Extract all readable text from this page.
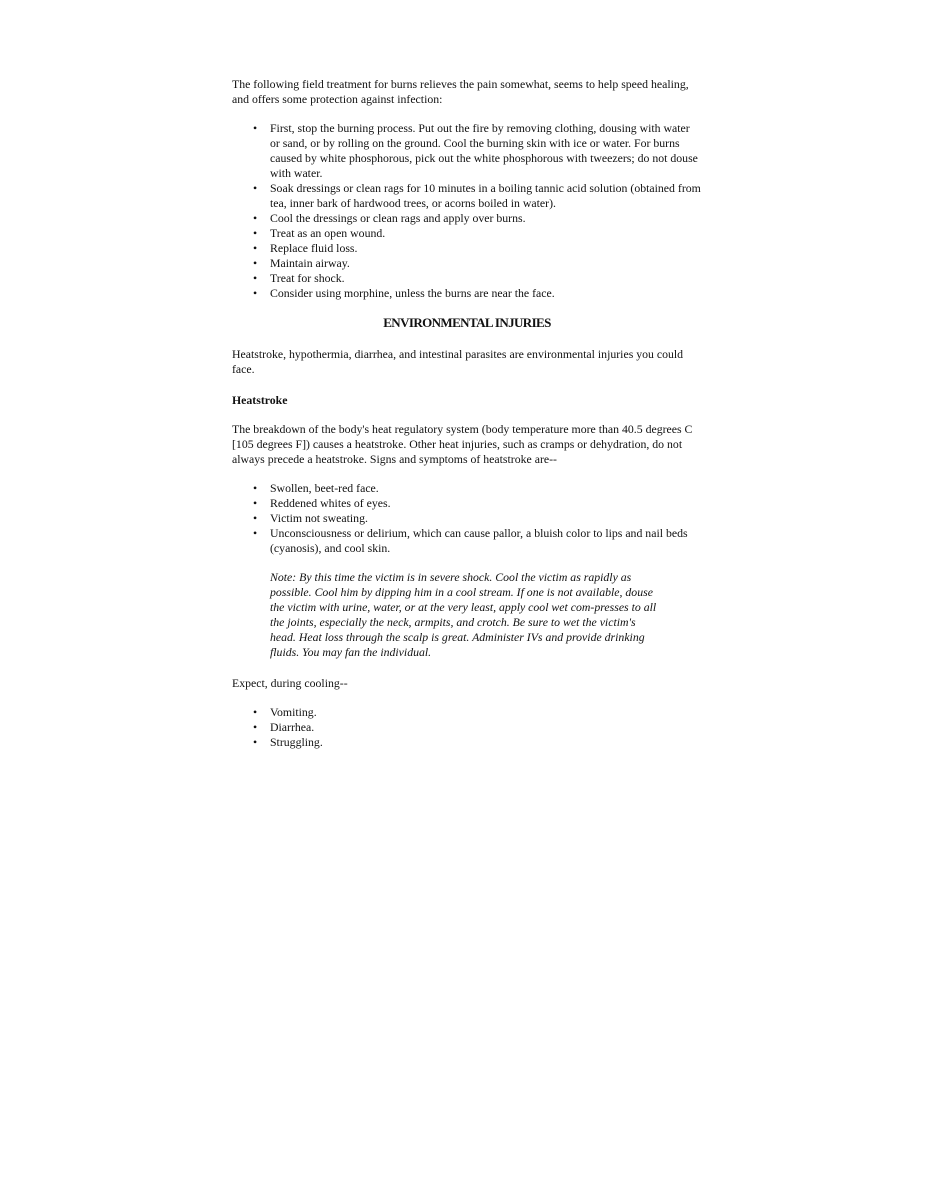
The following field treatment for burns relieves the pain somewhat, seems to help speed healing, and offers some protection against infection:

• First, stop the burning process. Put out the fire by removing clothing, dousing with water or sand, or by rolling on the ground. Cool the burning skin with ice or water. For burns caused by white phosphorous, pick out the white phosphorous with tweezers; do not douse with water.
• Soak dressings or clean rags for 10 minutes in a boiling tannic acid solution (obtained from tea, inner bark of hardwood trees, or acorns boiled in water).
• Cool the dressings or clean rags and apply over burns.
• Treat as an open wound.
• Replace fluid loss.
• Maintain airway.
• Treat for shock.
• Consider using morphine, unless the burns are near the face.
ENVIRONMENTAL INJURIES

Heatstroke, hypothermia, diarrhea, and intestinal parasites are environmental injuries you could face.

Heatstroke

The breakdown of the body's heat regulatory system (body temperature more than 40.5 degrees C [105 degrees F]) causes a heatstroke. Other heat injuries, such as cramps or dehydration, do not always precede a heatstroke. Signs and symptoms of heatstroke are--

• Swollen, beet-red face.
• Reddened whites of eyes.
• Victim not sweating.
• Unconsciousness or delirium, which can cause pallor, a bluish color to lips and nail beds (cyanosis), and cool skin.

Note: By this time the victim is in severe shock. Cool the victim as rapidly as possible. Cool him by dipping him in a cool stream. If one is not available, douse the victim with urine, water, or at the very least, apply cool wet com-presses to all the joints, especially the neck, armpits, and crotch. Be sure to wet the victim's head. Heat loss through the scalp is great. Administer IVs and provide drinking fluids. You may fan the individual.

Expect, during cooling--

• Vomiting.
• Diarrhea.
• Struggling.
